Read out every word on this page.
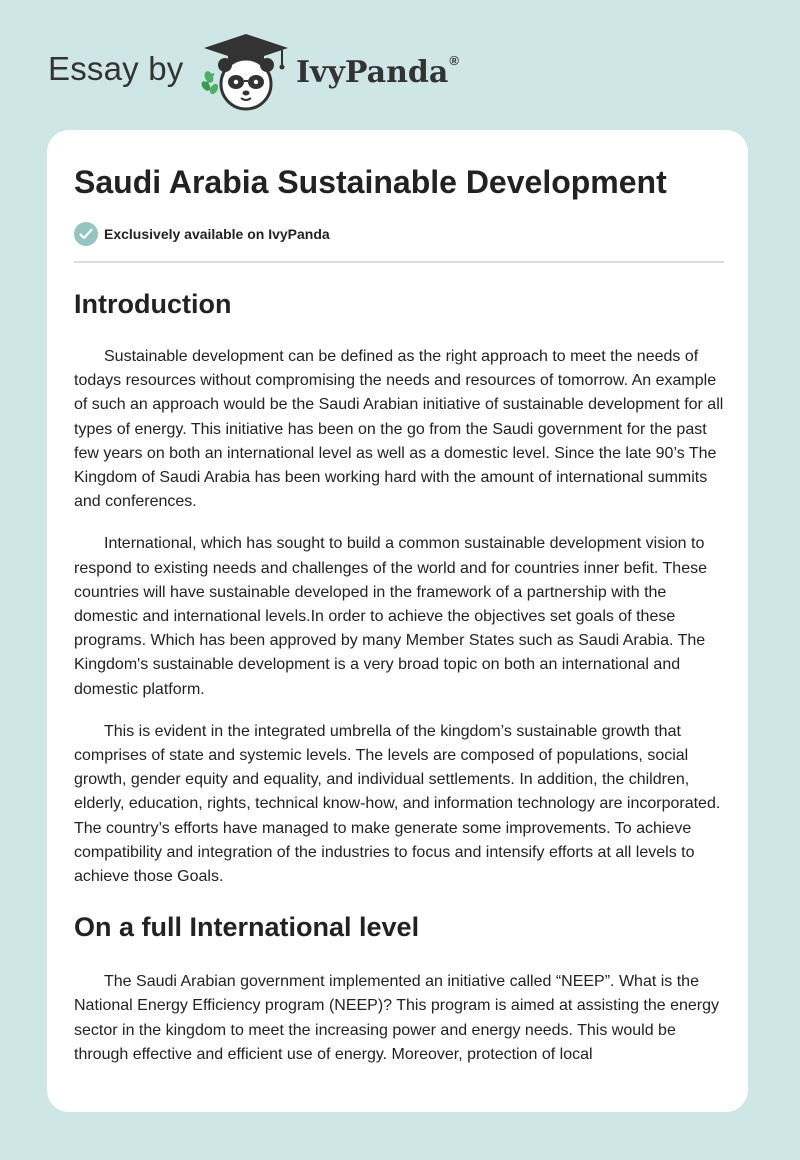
Essay by	IvyPanda®
Saudi Arabia Sustainable Development
Exclusively available on IvyPanda
Introduction

Sustainable development can be defined as the right approach to meet the needs of todays resources without compromising the needs and resources of tomorrow. An example of such an approach would be the Saudi Arabian initiative of sustainable development for all types of energy. This initiative has been on the go from the Saudi government for the past few years on both an international level as well as a domestic level. Since the late 90’s The Kingdom of Saudi Arabia has been working hard with the amount of international summits and conferences.

International, which has sought to build a common sustainable development vision to respond to existing needs and challenges of the world and for countries inner befit. These countries will have sustainable developed in the framework of a partnership with the domestic and international levels.In order to achieve the objectives set goals of these programs. Which has been approved by many Member States such as Saudi Arabia. The Kingdom's sustainable development is a very broad topic on both an international and domestic platform.

This is evident in the integrated umbrella of the kingdom’s sustainable growth that comprises of state and systemic levels. The levels are composed of populations, social growth, gender equity and equality, and individual settlements. In addition, the children, elderly, education, rights, technical know-how, and information technology are incorporated. The country’s efforts have managed to make generate some improvements. To achieve compatibility and integration of the industries to focus and intensify efforts at all levels to achieve those Goals.

On a full International level

The Saudi Arabian government implemented an initiative called “NEEP”. What is the National Energy Efficiency program (NEEP)? This program is aimed at assisting the energy sector in the kingdom to meet the increasing power and energy needs. This would be through effective and efficient use of energy. Moreover, protection of local
